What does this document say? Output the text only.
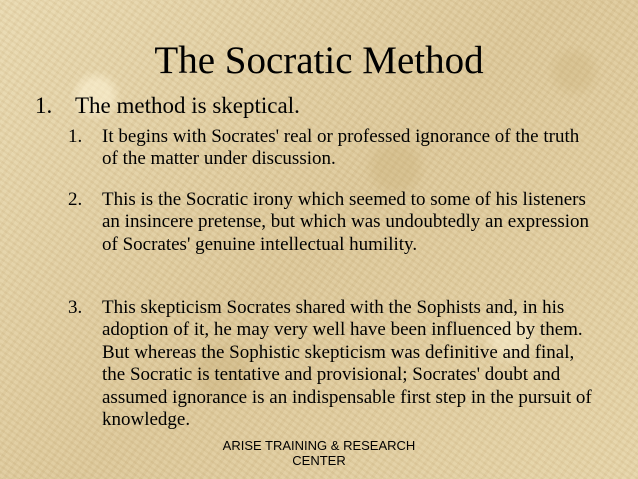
The Socratic Method
1. The method is skeptical.
1. It begins with Socrates' real or professed ignorance of the truth of the matter under discussion.
2. This is the Socratic irony which seemed to some of his listeners an insincere pretense, but which was undoubtedly an expression of Socrates' genuine intellectual humility.
3. This skepticism Socrates shared with the Sophists and, in his adoption of it, he may very well have been influenced by them. But whereas the Sophistic skepticism was definitive and final, the Socratic is tentative and provisional; Socrates' doubt and assumed ignorance is an indispensable first step in the pursuit of knowledge.
ARISE TRAINING & RESEARCH
CENTER
